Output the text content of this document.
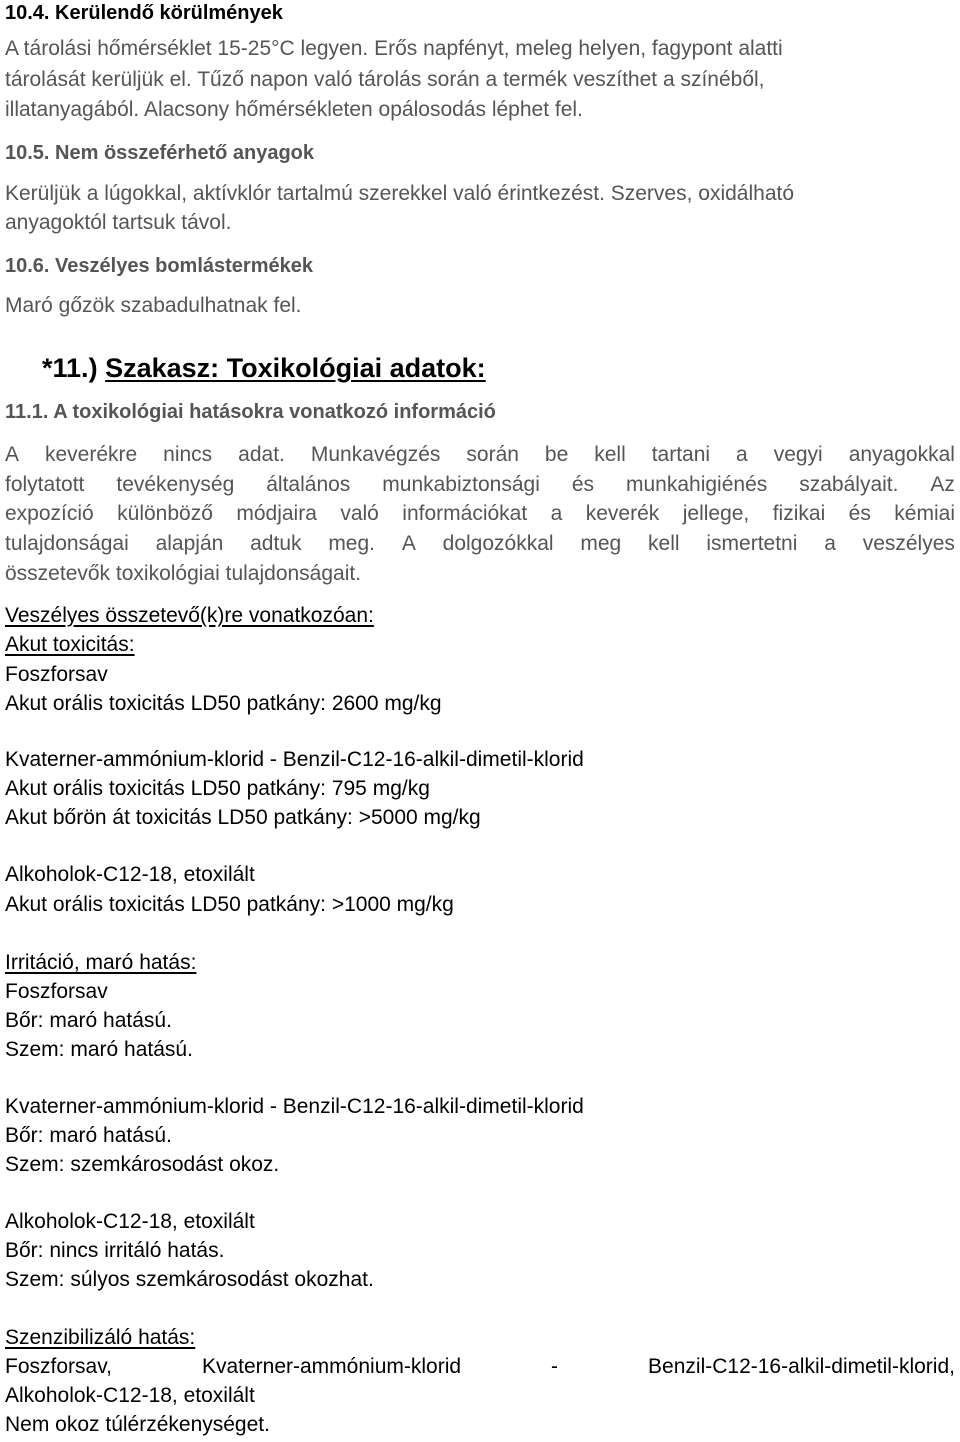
10.4. Kerülendő körülmények
A tárolási hőmérséklet 15-25°C legyen. Erős napfényt, meleg helyen, fagypont alatti
tárolását kerüljük el. Tűző napon való tárolás során a termék veszíthet a színéből,
illatanyagából. Alacsony hőmérsékleten opálosodás léphet fel.
10.5. Nem összeférhető anyagok
Kerüljük a lúgokkal, aktívklór tartalmú szerekkel való érintkezést. Szerves, oxidálható
anyagoktól tartsuk távol.
10.6. Veszélyes bomlástermékek
Maró gőzök szabadulhatnak fel.
*11.) Szakasz: Toxikológiai adatok:
11.1. A toxikológiai hatásokra vonatkozó információ
A keverékre nincs adat. Munkavégzés során be kell tartani a vegyi anyagokkal
folytatott tevékenység általános munkabiztonsági és munkahigiénés szabályait. Az
expozíció különböző módjaira való információkat a keverék jellege, fizikai és kémiai
tulajdonságai alapján adtuk meg. A dolgozókkal meg kell ismertetni a veszélyes
összetevők toxikológiai tulajdonságait.
Veszélyes összetevő(k)re vonatkozóan:
Akut toxicitás:
Foszforsav
Akut orális toxicitás LD50 patkány: 2600 mg/kg
Kvaterner-ammónium-klorid - Benzil-C12-16-alkil-dimetil-klorid
Akut orális toxicitás LD50 patkány: 795 mg/kg
Akut bőrön át toxicitás LD50 patkány: >5000 mg/kg
Alkoholok-C12-18, etoxilált
Akut orális toxicitás LD50 patkány: >1000 mg/kg
Irritáció, maró hatás:
Foszforsav
Bőr: maró hatású.
Szem: maró hatású.
Kvaterner-ammónium-klorid - Benzil-C12-16-alkil-dimetil-klorid
Bőr: maró hatású.
Szem: szemkárosodást okoz.
Alkoholok-C12-18, etoxilált
Bőr: nincs irritáló hatás.
Szem: súlyos szemkárosodást okozhat.
Szenzibilizáló hatás:
Foszforsav,	Kvaterner-ammónium-klorid	-	Benzil-C12-16-alkil-dimetil-klorid,
Alkoholok-C12-18, etoxilált
Nem okoz túlérzékenységet.
